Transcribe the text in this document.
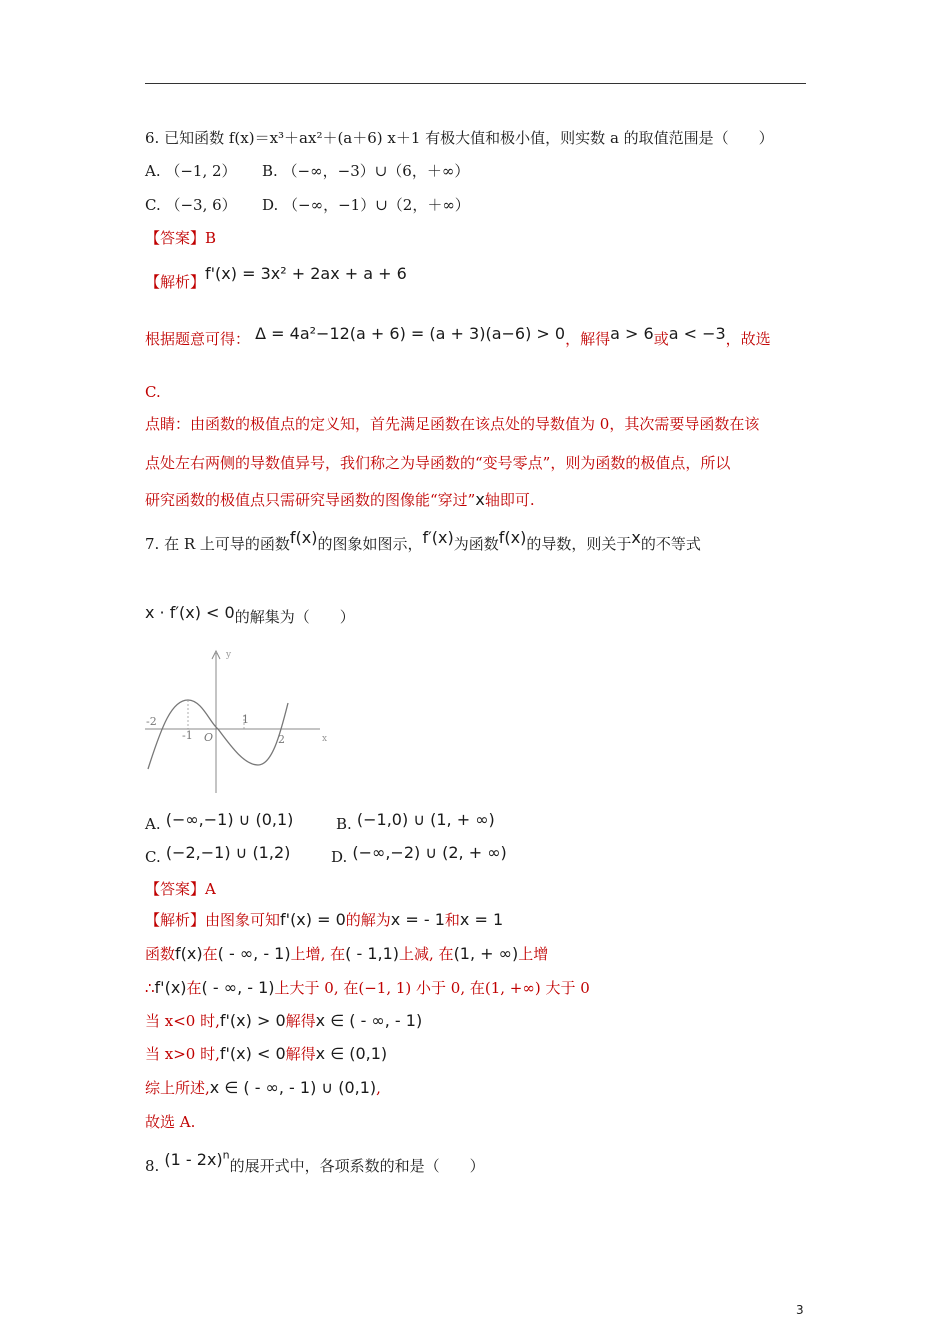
6. 已知函数 f(x)＝x³＋ax²＋(a＋6) x＋1 有极大值和极小值，则实数 a 的取值范围是（　　）
A. （−1, 2） B. （−∞，−3）∪（6，＋∞）
C. （−3, 6） D. （−∞，−1）∪（2，＋∞）
【答案】B
【解析】f'(x) = 3x² + 2ax + a + 6
根据题意可得： Δ = 4a²−12(a + 6) = (a + 3)(a−6) > 0，解得a > 6或a < −3，故选
C.
点睛：由函数的极值点的定义知，首先满足函数在该点处的导数值为 0，其次需要导函数在该
点处左右两侧的导数值异号，我们称之为导函数的“变号零点”，则为函数的极值点，所以
研究函数的极值点只需研究导函数的图像能“穿过”x轴即可.
7. 在 R 上可导的函数f(x)的图象如图示，f′(x)为函数f(x)的导数，则关于x的不等式
x · f′(x) < 0的解集为（　　）
y
x
-2
-1 O
1
2
A. (−∞,−1) ∪ (0,1)	B. (−1,0) ∪ (1, + ∞)
C. (−2,−1) ∪ (1,2)	D. (−∞,−2) ∪ (2, + ∞)
【答案】A
【解析】由图象可知f'(x) = 0的解为x = - 1和x = 1
函数f(x)在( - ∞, - 1)上增, 在( - 1,1)上减, 在(1, + ∞)上增
∴f'(x)在( - ∞, - 1)上大于 0, 在(−1, 1) 小于 0, 在(1, +∞) 大于 0
当 x<0 时,f'(x) > 0解得x ∈ ( - ∞, - 1)
当 x>0 时,f'(x) < 0解得x ∈ (0,1)
综上所述,x ∈ ( - ∞, - 1) ∪ (0,1),
故选 A.
8. (1 - 2x)$^n$的展开式中，各项系数的和是（　　）
3
